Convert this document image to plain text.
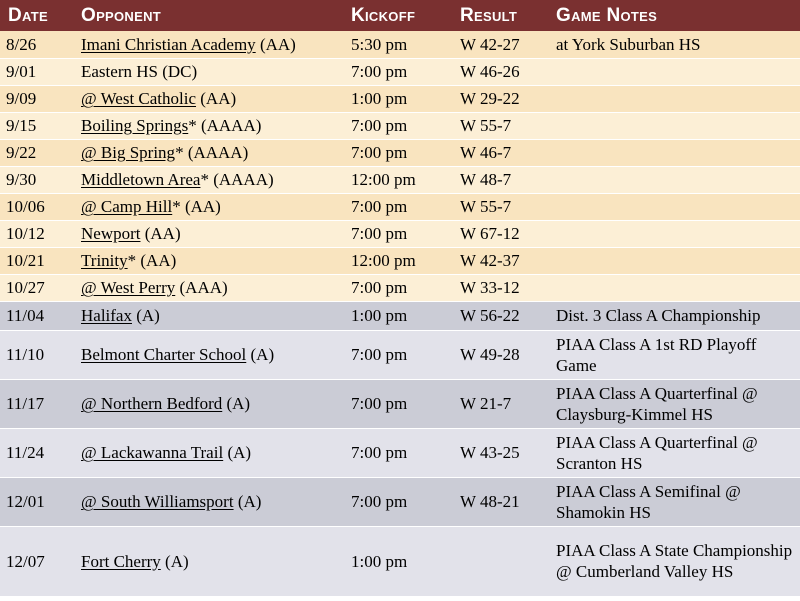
Date	Opponent	Kickoff	Result	Game Notes
8/26	Imani Christian Academy (AA)	5:30 pm	W 42-27	at York Suburban HS
9/01	Eastern HS (DC)	7:00 pm	W 46-26	
9/09	@ West Catholic (AA)	1:00 pm	W 29-22	
9/15	Boiling Springs* (AAAA)	7:00 pm	W 55-7	
9/22	@ Big Spring* (AAAA)	7:00 pm	W 46-7	
9/30	Middletown Area* (AAAA)	12:00 pm	W 48-7	
10/06	@ Camp Hill* (AA)	7:00 pm	W 55-7	
10/12	Newport (AA)	7:00 pm	W 67-12	
10/21	Trinity* (AA)	12:00 pm	W 42-37	
10/27	@ West Perry (AAA)	7:00 pm	W 33-12	
11/04	Halifax (A)	1:00 pm	W 56-22	Dist. 3 Class A Championship
11/10	Belmont Charter School (A)	7:00 pm	W 49-28	PIAA Class A 1st RD Playoff Game
11/17	@ Northern Bedford (A)	7:00 pm	W 21-7	PIAA Class A Quarterfinal @ Claysburg-Kimmel HS
11/24	@ Lackawanna Trail (A)	7:00 pm	W 43-25	PIAA Class A Quarterfinal @ Scranton HS
12/01	@ South Williamsport (A)	7:00 pm	W 48-21	PIAA Class A Semifinal @ Shamokin HS
12/07	Fort Cherry (A)	1:00 pm		PIAA Class A State Championship @ Cumberland Valley HS
